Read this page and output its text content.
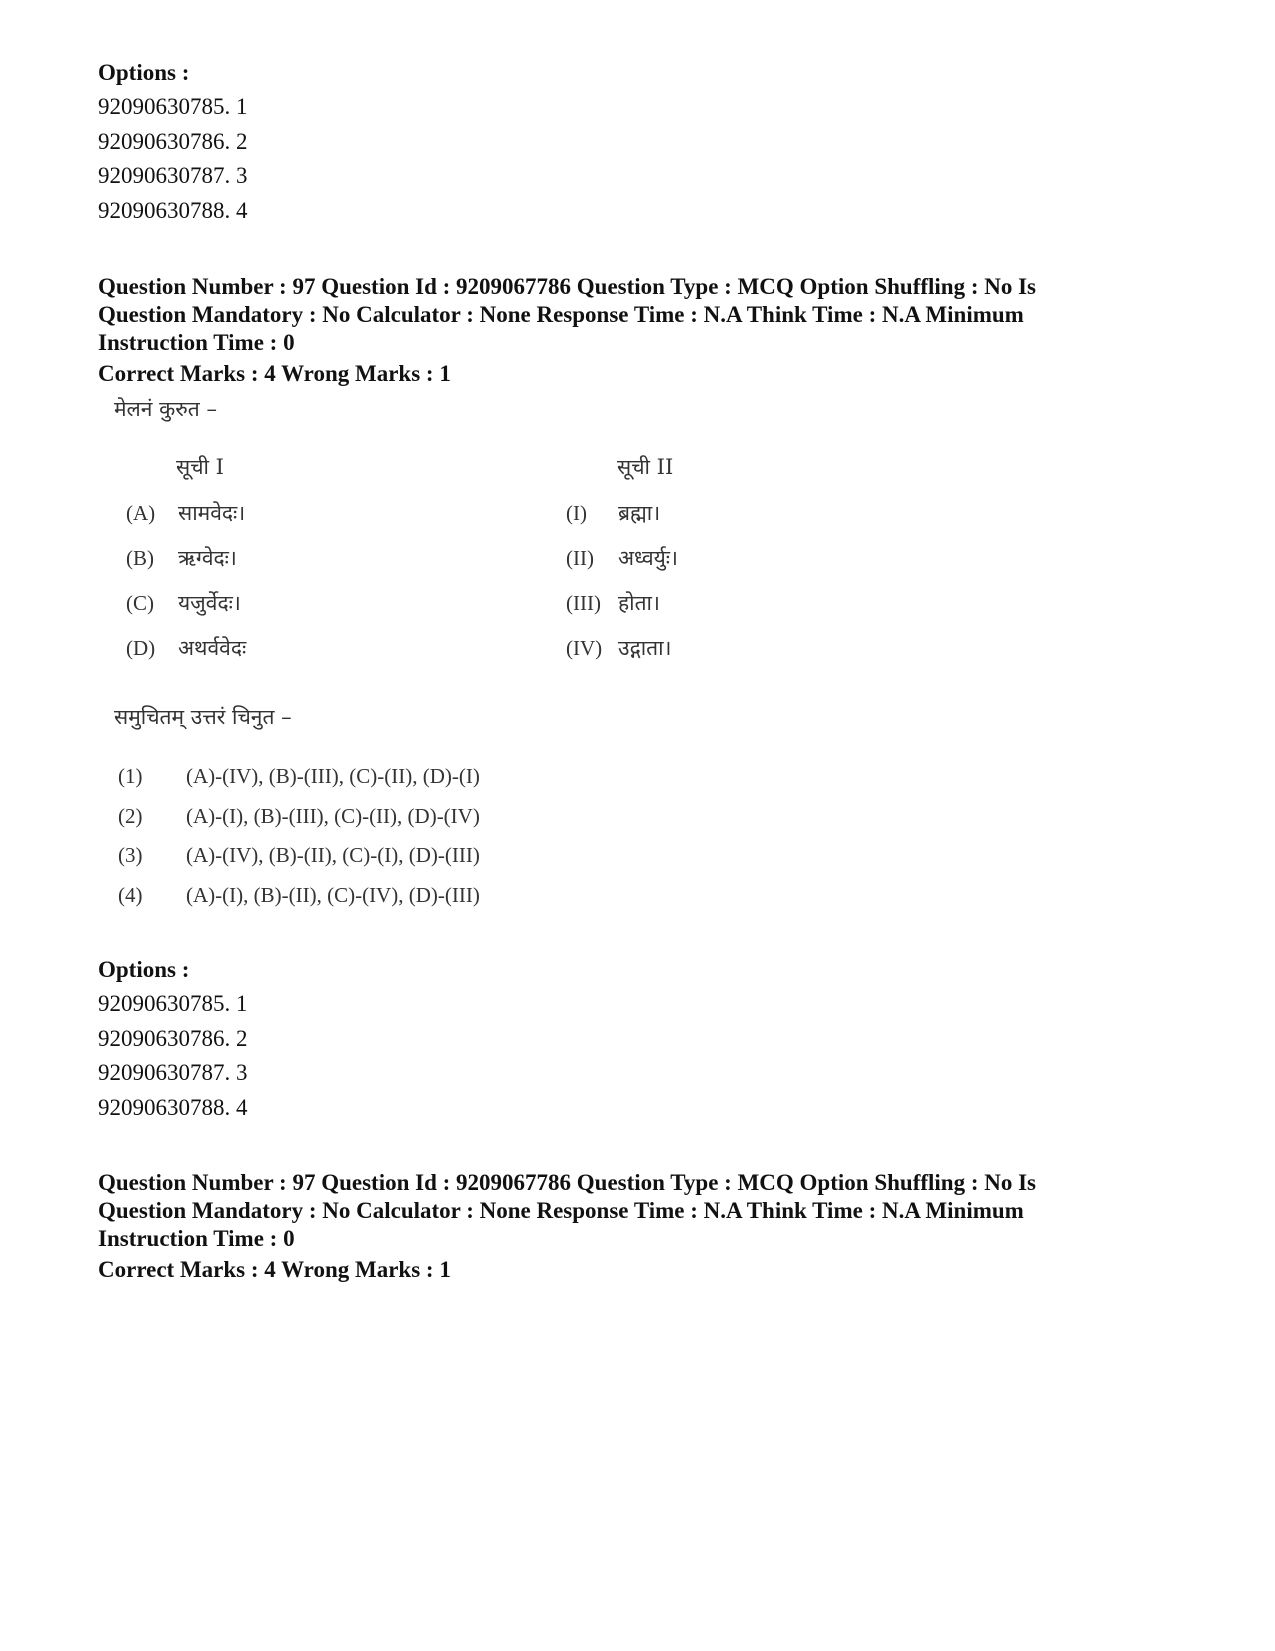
Options :
92090630785. 1
92090630786. 2
92090630787. 3
92090630788. 4
Question Number : 97 Question Id : 9209067786 Question Type : MCQ Option Shuffling : No Is
Question Mandatory : No Calculator : None Response Time : N.A Think Time : N.A Minimum
Instruction Time : 0
Correct Marks : 4 Wrong Marks : 1
मेलनं कुरुत –
सूची I	सूची II
(A) सामवेदः।
(B) ऋग्वेदः।
(C) यजुर्वेदः।
(D) अथर्ववेदः
(I) ब्रह्मा।
(II) अध्वर्युः।
(III) होता।
(IV) उद्गाता।
समुचितम् उत्तरं चिनुत –
(1) (A)-(IV), (B)-(III), (C)-(II), (D)-(I)
(2) (A)-(I), (B)-(III), (C)-(II), (D)-(IV)
(3) (A)-(IV), (B)-(II), (C)-(I), (D)-(III)
(4) (A)-(I), (B)-(II), (C)-(IV), (D)-(III)
Options :
92090630785. 1
92090630786. 2
92090630787. 3
92090630788. 4
Question Number : 97 Question Id : 9209067786 Question Type : MCQ Option Shuffling : No Is
Question Mandatory : No Calculator : None Response Time : N.A Think Time : N.A Minimum
Instruction Time : 0
Correct Marks : 4 Wrong Marks : 1
